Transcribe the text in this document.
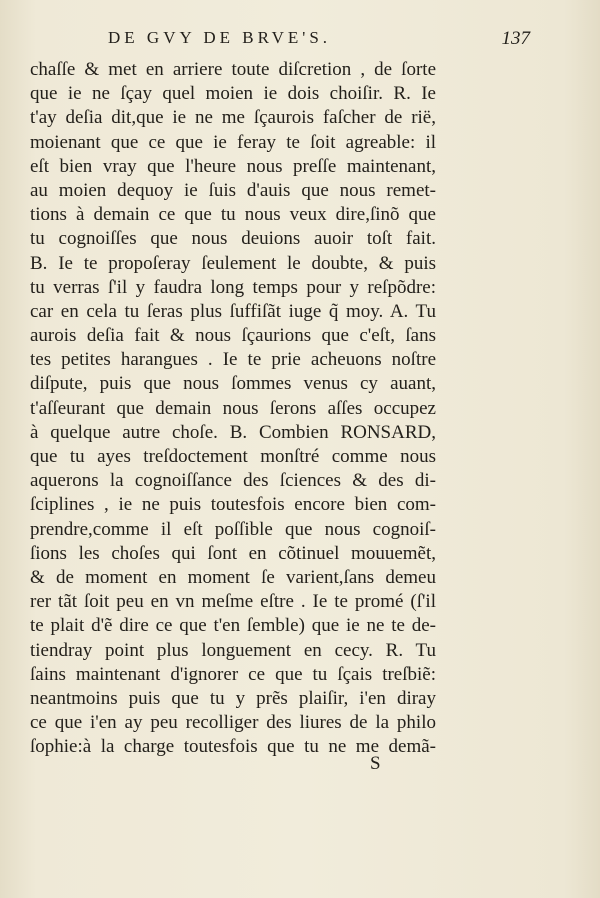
DE GVY DE BRVE'S.	137
chaſſe & met en arriere toute diſcretion , de ſorte
que ie ne ſçay quel moien ie dois choiſir. R. Ie
t'ay deſia dit,que ie ne me ſçaurois faſcher de rië,
moienant que ce que ie feray te ſoit agreable: il
eſt bien vray que l'heure nous preſſe maintenant,
au moien dequoy ie ſuis d'auis que nous remet-
tions à demain ce que tu nous veux dire,ſinõ que
tu cognoiſſes que nous deuions auoir toſt fait.
B. Ie te propoſeray ſeulement le doubte, & puis
tu verras ſ'il y faudra long temps pour y reſpõdre:
car en cela tu ſeras plus ſuffiſãt iuge q̃ moy. A. Tu
aurois deſia fait & nous ſçaurions que c'eſt, ſans
tes petites harangues . Ie te prie acheuons noſtre
diſpute, puis que nous ſommes venus cy auant,
t'aſſeurant que demain nous ſerons aſſes occupez
à quelque autre choſe. B. Combien RONSARD,
que tu ayes treſdoctement monſtré comme nous
aquerons la cognoiſſance des ſciences & des di-
ſciplines , ie ne puis toutesfois encore bien com-
prendre,comme il eſt poſſible que nous cognoiſ-
ſions les choſes qui ſont en cõtinuel mouuemẽt,
& de moment en moment ſe varient,ſans demeu
rer tãt ſoit peu en vn meſme eſtre . Ie te promé (ſ'il
te plait d'ẽ dire ce que t'en ſemble) que ie ne te de-
tiendray point plus longuement en cecy. R. Tu
ſains maintenant d'ignorer ce que tu ſçais treſbiẽ:
neantmoins puis que tu y prẽs plaiſir, i'en diray
ce que i'en ay peu recolliger des liures de la philo
ſophie:à la charge toutesfois que tu ne me demã-
S
